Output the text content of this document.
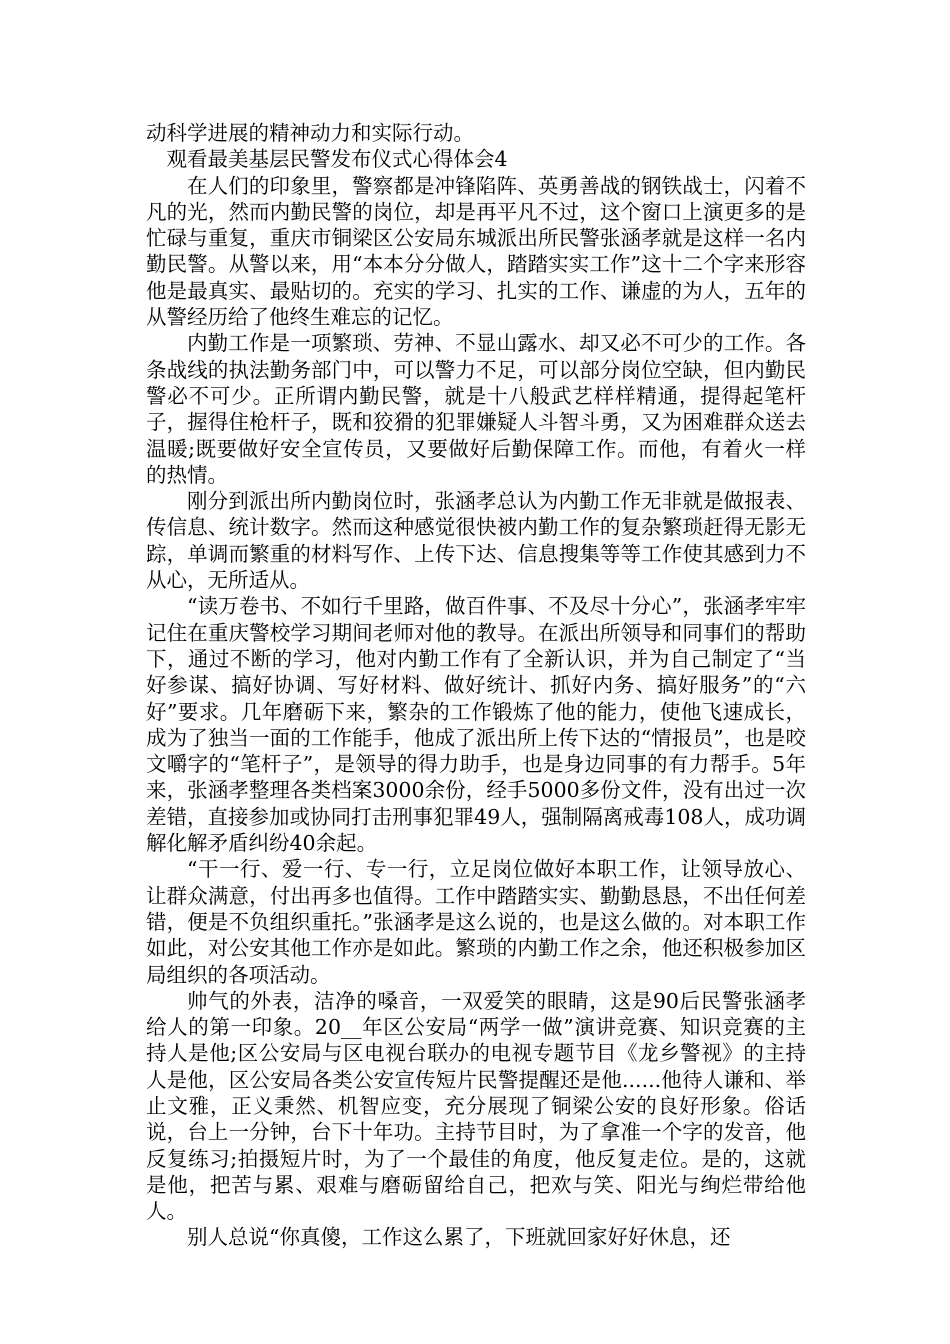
动科学进展的精神动力和实际行动。

观看最美基层民警发布仪式心得体会4

在人们的印象里，警察都是冲锋陷阵、英勇善战的钢铁战士，闪着不凡的光，然而内勤民警的岗位，却是再平凡不过，这个窗口上演更多的是忙碌与重复，重庆市铜梁区公安局东城派出所民警张涵孝就是这样一名内勤民警。从警以来，用“本本分分做人，踏踏实实工作”这十二个字来形容他是最真实、最贴切的。充实的学习、扎实的工作、谦虚的为人，五年的从警经历给了他终生难忘的记忆。

内勤工作是一项繁琐、劳神、不显山露水、却又必不可少的工作。各条战线的执法勤务部门中，可以警力不足，可以部分岗位空缺，但内勤民警必不可少。正所谓内勤民警，就是十八般武艺样样精通，提得起笔杆子，握得住枪杆子，既和狡猾的犯罪嫌疑人斗智斗勇，又为困难群众送去温暖;既要做好安全宣传员，又要做好后勤保障工作。而他，有着火一样的热情。

刚分到派出所内勤岗位时，张涵孝总认为内勤工作无非就是做报表、传信息、统计数字。然而这种感觉很快被内勤工作的复杂繁琐赶得无影无踪，单调而繁重的材料写作、上传下达、信息搜集等等工作使其感到力不从心，无所适从。

“读万卷书、不如行千里路，做百件事、不及尽十分心”，张涵孝牢牢记住在重庆警校学习期间老师对他的教导。在派出所领导和同事们的帮助下，通过不断的学习，他对内勤工作有了全新认识，并为自己制定了“当好参谋、搞好协调、写好材料、做好统计、抓好内务、搞好服务”的“六好”要求。几年磨砺下来，繁杂的工作锻炼了他的能力，使他飞速成长，成为了独当一面的工作能手，他成了派出所上传下达的“情报员”，也是咬文嚼字的“笔杆子”，是领导的得力助手，也是身边同事的有力帮手。5年来，张涵孝整理各类档案3000余份，经手5000多份文件，没有出过一次差错，直接参加或协同打击刑事犯罪49人，强制隔离戒毒108人，成功调解化解矛盾纠纷40余起。

“干一行、爱一行、专一行，立足岗位做好本职工作，让领导放心、让群众满意，付出再多也值得。工作中踏踏实实、勤勤恳恳，不出任何差错，便是不负组织重托。”张涵孝是这么说的，也是这么做的。对本职工作如此，对公安其他工作亦是如此。繁琐的内勤工作之余，他还积极参加区局组织的各项活动。

帅气的外表，洁净的嗓音，一双爱笑的眼睛，这是90后民警张涵孝给人的第一印象。20__年区公安局“两学一做”演讲竞赛、知识竞赛的主持人是他;区公安局与区电视台联办的电视专题节目《龙乡警视》的主持人是他，区公安局各类公安宣传短片民警提醒还是他......他待人谦和、举止文雅，正义秉然、机智应变，充分展现了铜梁公安的良好形象。俗话说，台上一分钟，台下十年功。主持节目时，为了拿准一个字的发音，他反复练习;拍摄短片时，为了一个最佳的角度，他反复走位。是的，这就是他，把苦与累、艰难与磨砺留给自己，把欢与笑、阳光与绚烂带给他人。

别人总说“你真傻，工作这么累了，下班就回家好好休息，还
